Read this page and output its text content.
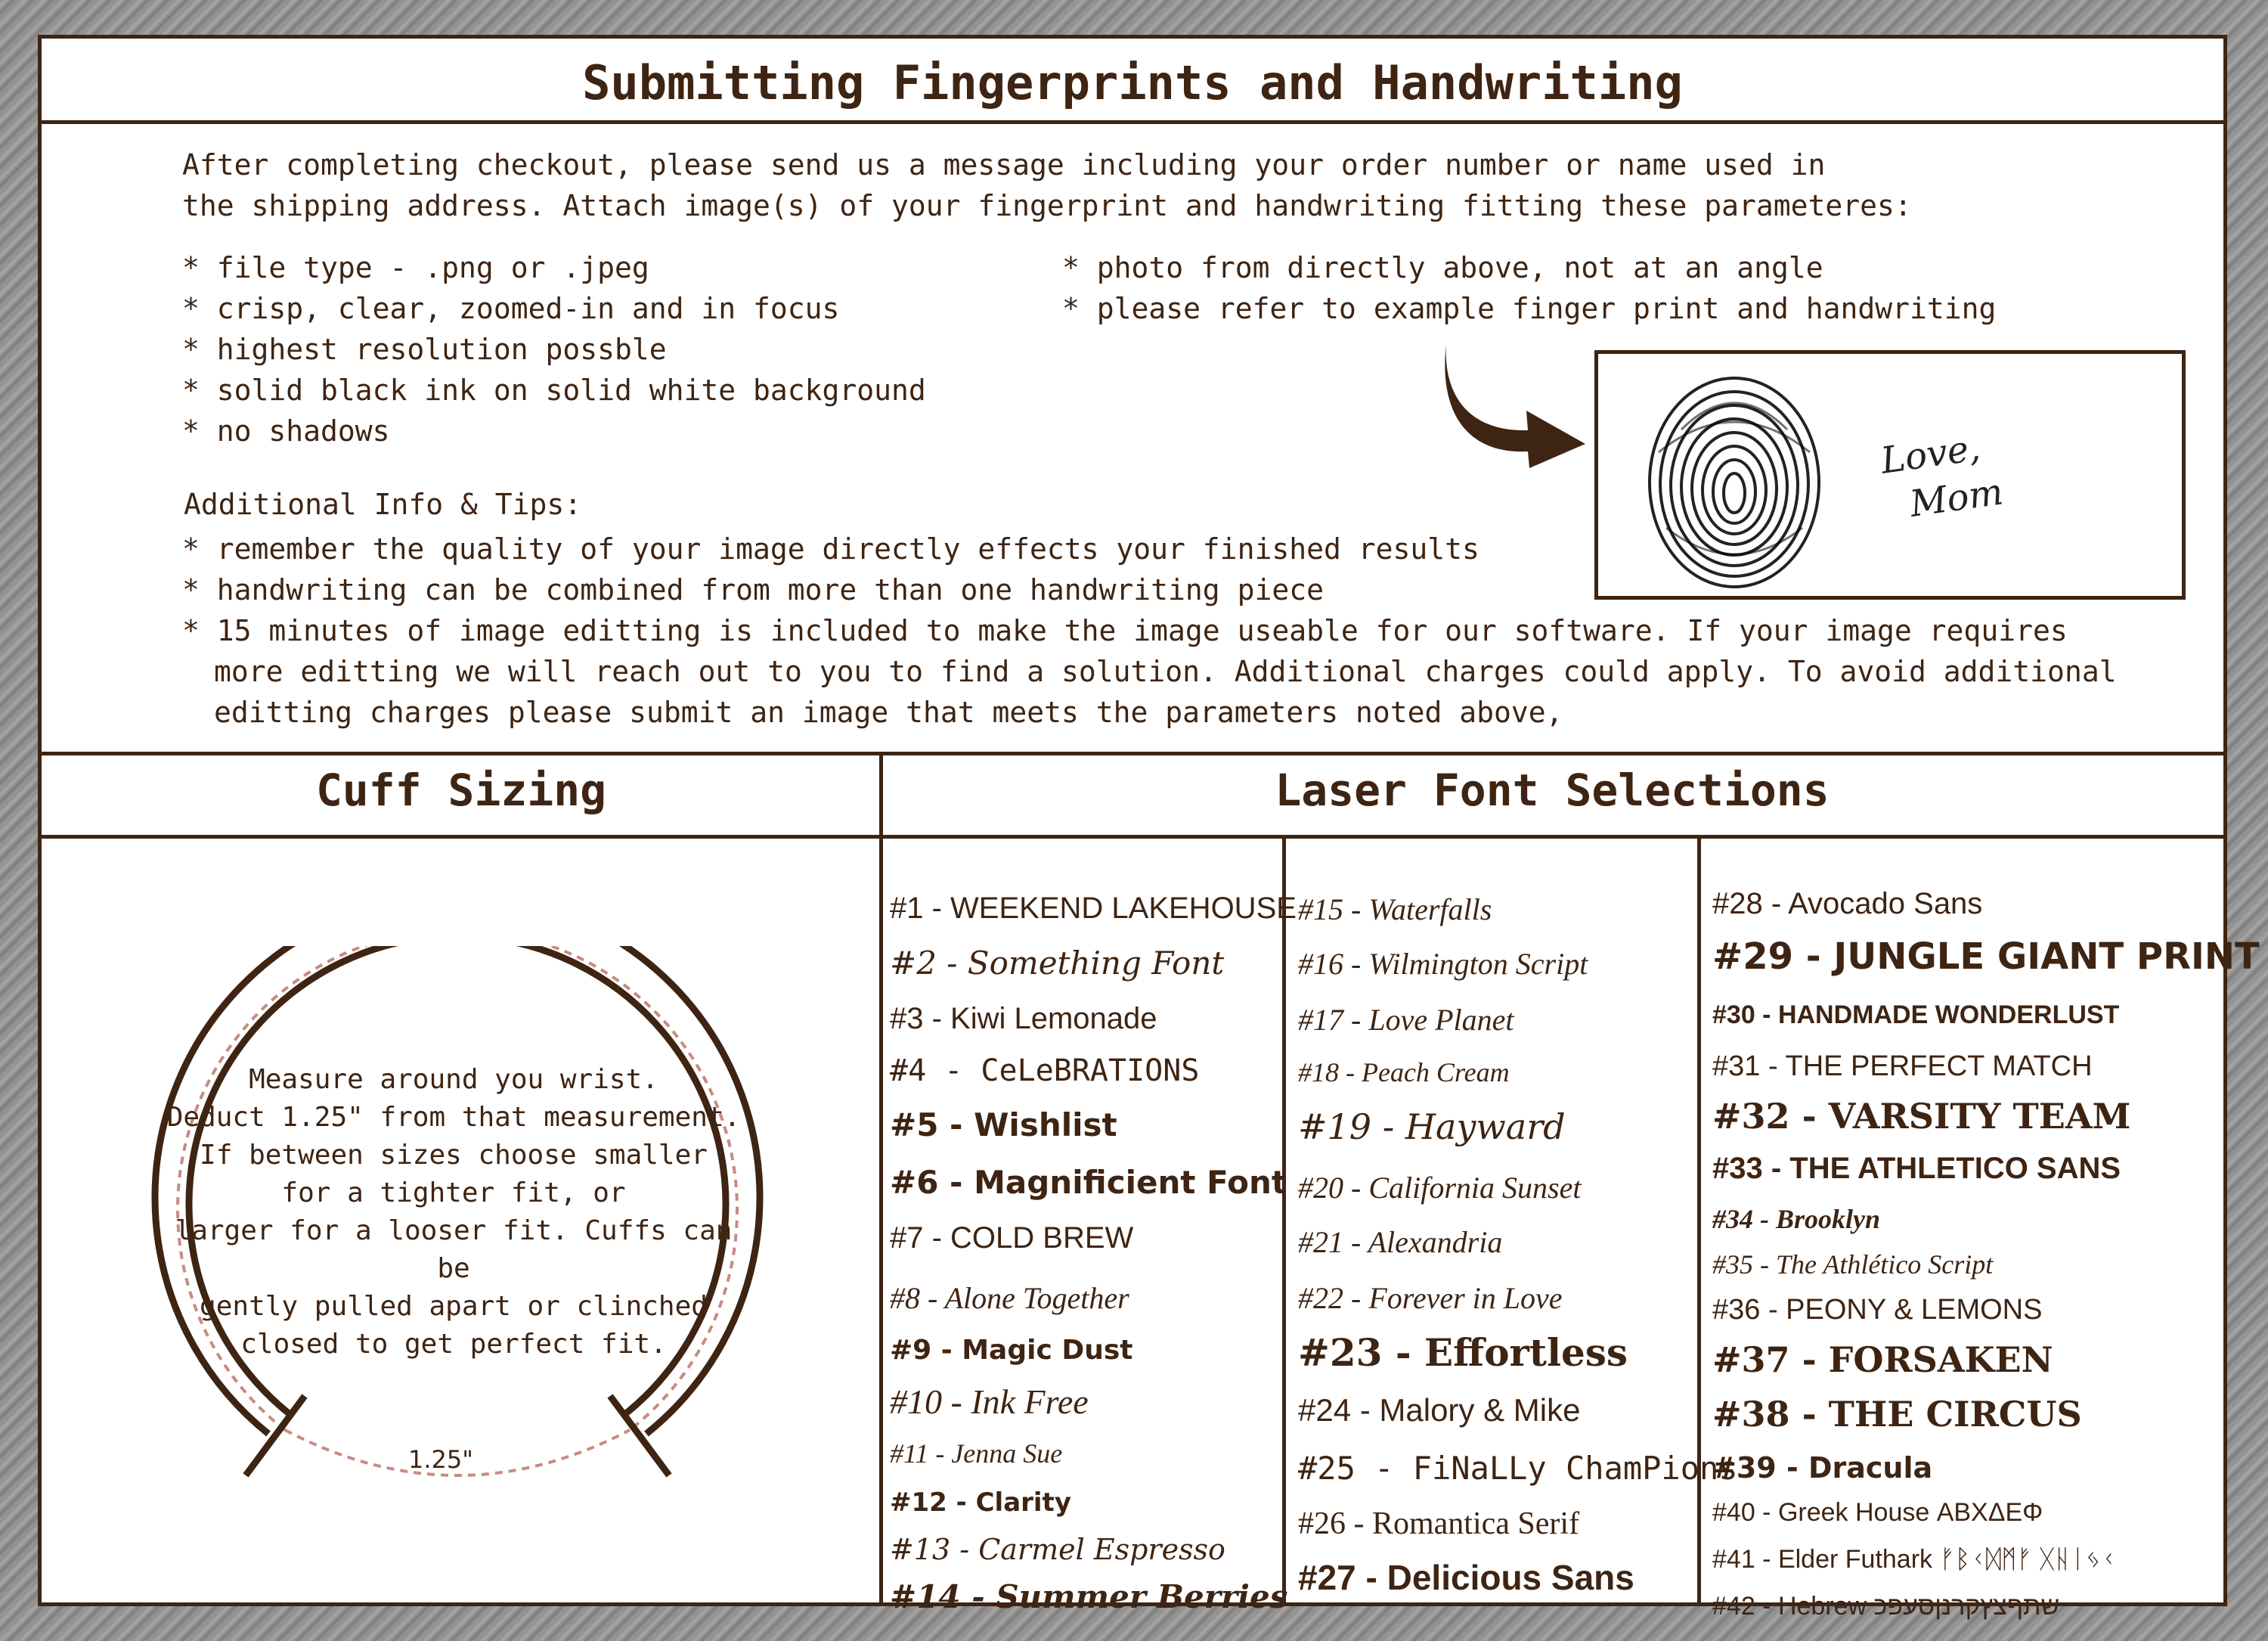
Submitting Fingerprints and Handwriting
After completing checkout, please send us a message including your order number or name used in
the shipping address. Attach image(s) of your fingerprint and handwriting fitting these parameteres:
* file type - .png or .jpeg
* crisp, clear, zoomed-in and in focus
* highest resolution possble
* solid black ink on solid white background
* no shadows
* photo from directly above, not at an angle
* please refer to example finger print and handwriting
Love,
Mom
Additional Info & Tips:
* remember the quality of your image directly effects your finished results
* handwriting can be combined from more than one handwriting piece
* 15 minutes of image editting is included to make the image useable for our software. If your image requires more editting we will reach out to you to find a solution. Additional charges could apply. To avoid additional editting charges please submit an image that meets the parameters noted above,
Cuff Sizing	Laser Font Selections
Measure around you wrist.
Deduct 1.25" from that measurement.
If between sizes choose smaller
for a tighter fit, or
larger for a looser fit. Cuffs can be
gently pulled apart or clinched
closed to get perfect fit.
1.25"
#1 - WEEKEND LAKEHOUSE
#2 - Something Font
#3 - Kiwi Lemonade
#4 - CeLeBRATIONS
#5 - Wishlist
#6 - Magnificient Font
#7 - COLD BREW
#8 - Alone Together
#9 - Magic Dust
#10 - Ink Free
#11 - Jenna Sue
#12 - Clarity
#13 - Carmel Espresso
#14 - Summer Berries
#15 - Waterfalls
#16 - Wilmington Script
#17 - Love Planet
#18 - Peach Cream
#19 - Hayward
#20 - California Sunset
#21 - Alexandria
#22 - Forever in Love
#23 - Effortless
#24 - Malory & Mike
#25 - FiNaLLy ChamPions
#26 - Romantica Serif
#27 - Delicious Sans
#28 - Avocado Sans
#29 - JUNGLE GIANT PRINT
#30 - HANDMADE WONDERLUST
#31 - THE PERFECT MATCH
#32 - VARSITY TEAM
#33 - THE ATHLETICO SANS
#34 - Brooklyn
#35 - The Athlético Script
#36 - PEONY & LEMONS
#37 - FORSAKEN
#38 - THE CIRCUS
#39 - Dracula
#40 - Greek House ΑΒΧΔΕΦ
#41 - Elder Futhark ᚠᛒᚲᛞᛗᚠ ᚷᚺᛁᛃᚲ
#42 - Hebrew שתףצץקרנןסעפכ
